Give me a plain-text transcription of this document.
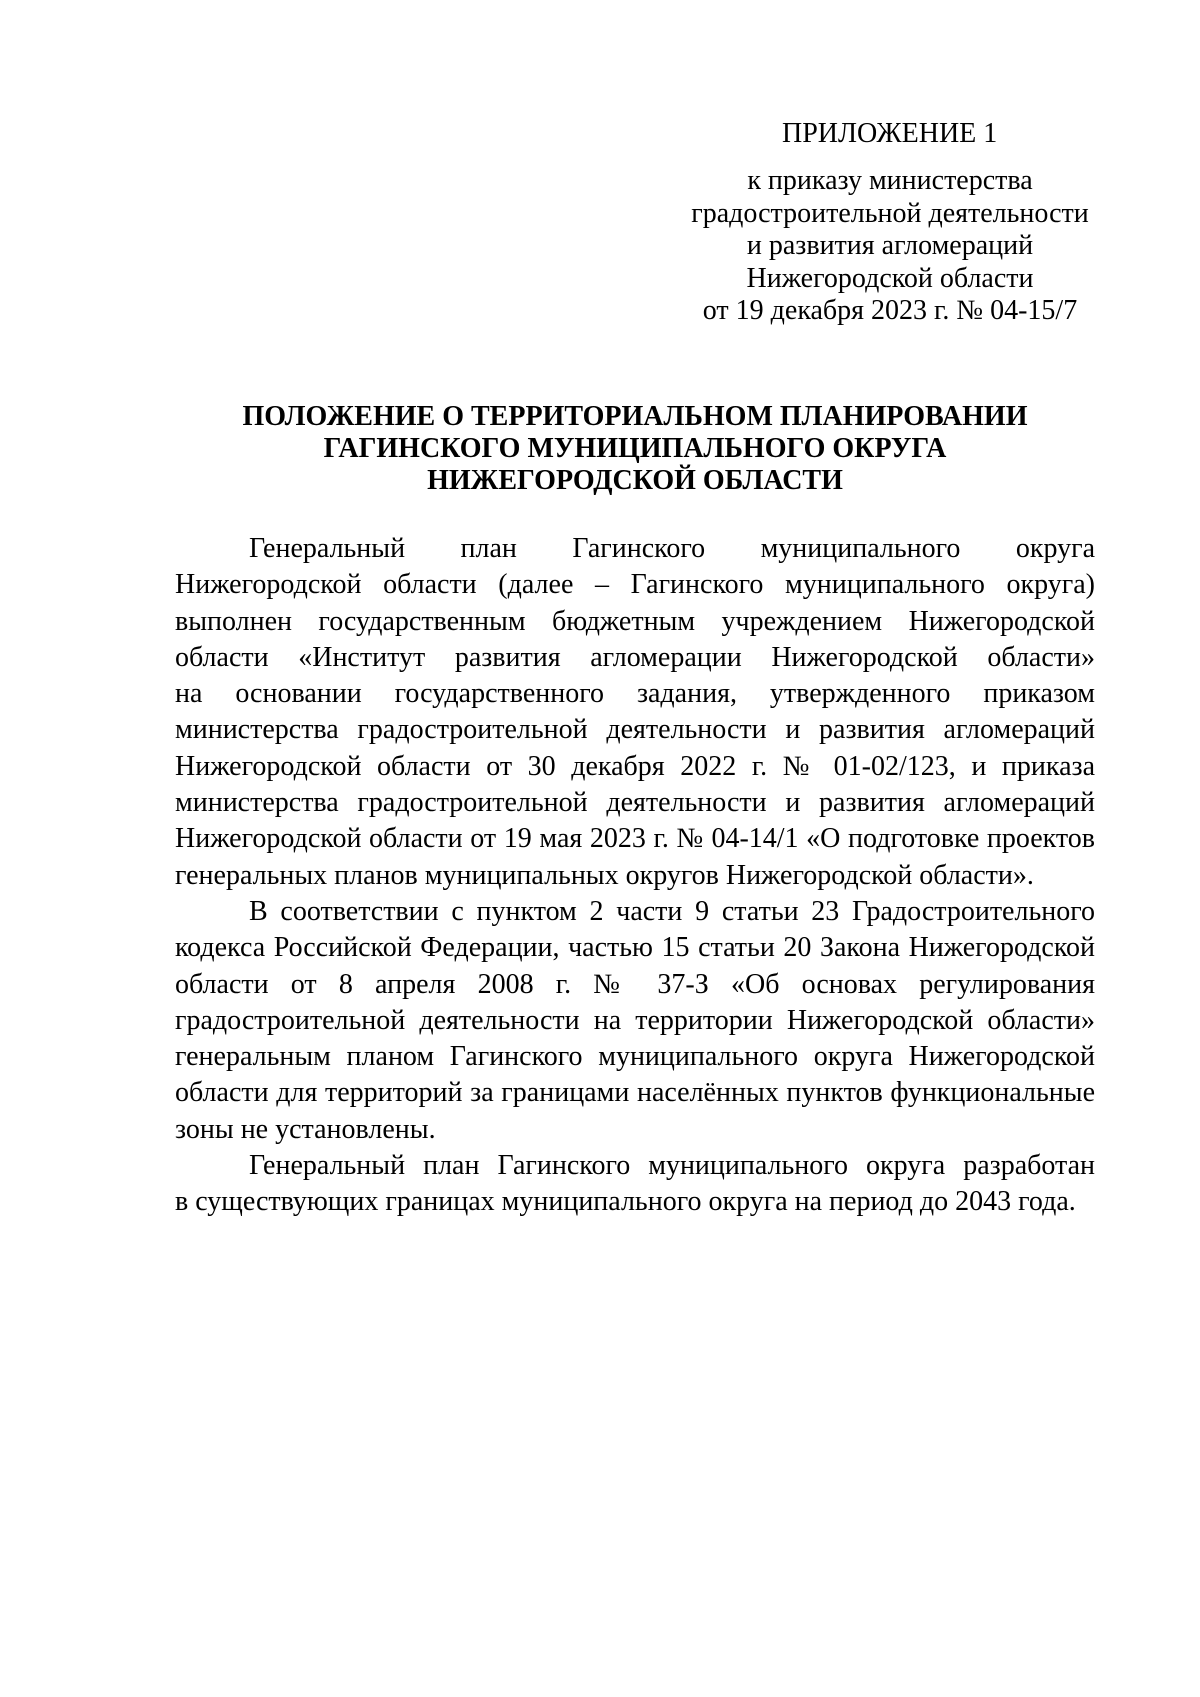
ПРИЛОЖЕНИЕ 1
к приказу министерства
градостроительной деятельности
и развития агломераций
Нижегородской области
от 19 декабря 2023 г. № 04-15/7
ПОЛОЖЕНИЕ О ТЕРРИТОРИАЛЬНОМ ПЛАНИРОВАНИИ
ГАГИНСКОГО МУНИЦИПАЛЬНОГО ОКРУГА
НИЖЕГОРОДСКОЙ ОБЛАСТИ
Генеральный план Гагинского муниципального округа
Нижегородской области (далее – Гагинского муниципального округа)
выполнен государственным бюджетным учреждением Нижегородской
области «Институт развития агломерации Нижегородской области»
на основании государственного задания, утвержденного приказом
министерства градостроительной деятельности и развития агломераций
Нижегородской области от 30 декабря 2022 г. № 01-02/123, и приказа
министерства градостроительной деятельности и развития агломераций
Нижегородской области от 19 мая 2023 г. № 04-14/1 «О подготовке проектов
генеральных планов муниципальных округов Нижегородской области».
В соответствии с пунктом 2 части 9 статьи 23 Градостроительного
кодекса Российской Федерации, частью 15 статьи 20 Закона Нижегородской
области от 8 апреля 2008 г. № 37-З «Об основах регулирования
градостроительной деятельности на территории Нижегородской области»
генеральным планом Гагинского муниципального округа Нижегородской
области для территорий за границами населённых пунктов функциональные
зоны не установлены.
Генеральный план Гагинского муниципального округа разработан
в существующих границах муниципального округа на период до 2043 года.
